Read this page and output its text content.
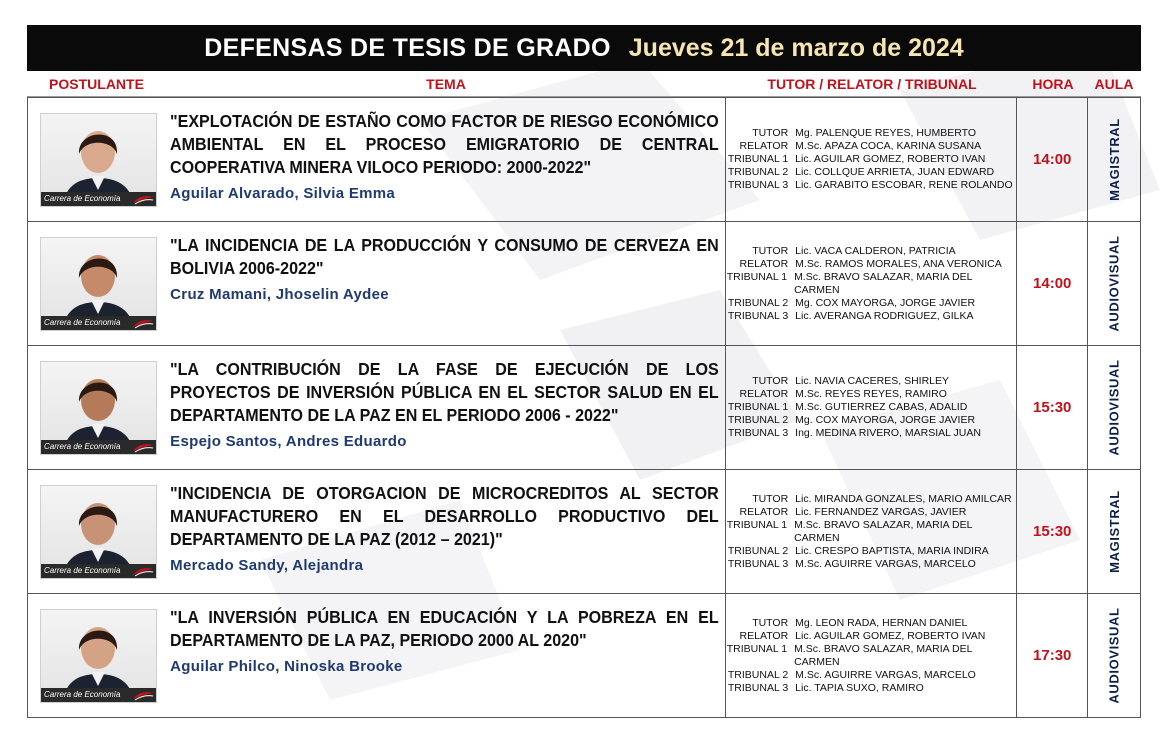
DEFENSAS DE TESIS DE GRADO Jueves 21 de marzo de 2024
POSTULANTE	TEMA	TUTOR / RELATOR / TRIBUNAL	HORA	AULA
Carrera de Economía
"EXPLOTACIÓN DE ESTAÑO COMO FACTOR DE RIESGO ECONÓMICO AMBIENTAL EN EL PROCESO EMIGRATORIO DE CENTRAL COOPERATIVA MINERA VILOCO PERIODO: 2000-2022"
Aguilar Alvarado, Silvia Emma
TUTOR Mg. PALENQUE REYES, HUMBERTO
RELATOR M.Sc. APAZA COCA, KARINA SUSANA
TRIBUNAL 1 Lic. AGUILAR GOMEZ, ROBERTO IVAN
TRIBUNAL 2 Lic. COLLQUE ARRIETA, JUAN EDWARD
TRIBUNAL 3 Lic. GARABITO ESCOBAR, RENE ROLANDO
14:00	MAGISTRAL
Carrera de Economía
"LA INCIDENCIA DE LA PRODUCCIÓN Y CONSUMO DE CERVEZA EN BOLIVIA 2006-2022"
Cruz Mamani, Jhoselin Aydee
TUTOR Lic. VACA CALDERON, PATRICIA
RELATOR M.Sc. RAMOS MORALES, ANA VERONICA
TRIBUNAL 1 M.Sc. BRAVO SALAZAR, MARIA DEL CARMEN
TRIBUNAL 2 Mg. COX MAYORGA, JORGE JAVIER
TRIBUNAL 3 Lic. AVERANGA RODRIGUEZ, GILKA
14:00	AUDIOVISUAL
Carrera de Economía
"LA CONTRIBUCIÓN DE LA FASE DE EJECUCIÓN DE LOS PROYECTOS DE INVERSIÓN PÚBLICA EN EL SECTOR SALUD EN EL DEPARTAMENTO DE LA PAZ EN EL PERIODO 2006 - 2022"
Espejo Santos, Andres Eduardo
TUTOR Lic. NAVIA CACERES, SHIRLEY
RELATOR M.Sc. REYES REYES, RAMIRO
TRIBUNAL 1 M.Sc. GUTIERREZ CABAS, ADALID
TRIBUNAL 2 Mg. COX MAYORGA, JORGE JAVIER
TRIBUNAL 3 Ing. MEDINA RIVERO, MARSIAL JUAN
15:30	AUDIOVISUAL
Carrera de Economía
"INCIDENCIA DE OTORGACION DE MICROCREDITOS AL SECTOR MANUFACTURERO EN EL DESARROLLO PRODUCTIVO DEL DEPARTAMENTO DE LA PAZ (2012 – 2021)"
Mercado Sandy, Alejandra
TUTOR Lic. MIRANDA GONZALES, MARIO AMILCAR
RELATOR Lic. FERNANDEZ VARGAS, JAVIER
TRIBUNAL 1 M.Sc. BRAVO SALAZAR, MARIA DEL CARMEN
TRIBUNAL 2 Lic. CRESPO BAPTISTA, MARIA INDIRA
TRIBUNAL 3 M.Sc. AGUIRRE VARGAS, MARCELO
15:30	MAGISTRAL
Carrera de Economía
"LA INVERSIÓN PÚBLICA EN EDUCACIÓN Y LA POBREZA EN EL DEPARTAMENTO DE LA PAZ, PERIODO 2000 AL 2020"
Aguilar Philco, Ninoska Brooke
TUTOR Mg. LEON RADA, HERNAN DANIEL
RELATOR Lic. AGUILAR GOMEZ, ROBERTO IVAN
TRIBUNAL 1 M.Sc. BRAVO SALAZAR, MARIA DEL CARMEN
TRIBUNAL 2 M.Sc. AGUIRRE VARGAS, MARCELO
TRIBUNAL 3 Lic. TAPIA SUXO, RAMIRO
17:30	AUDIOVISUAL
